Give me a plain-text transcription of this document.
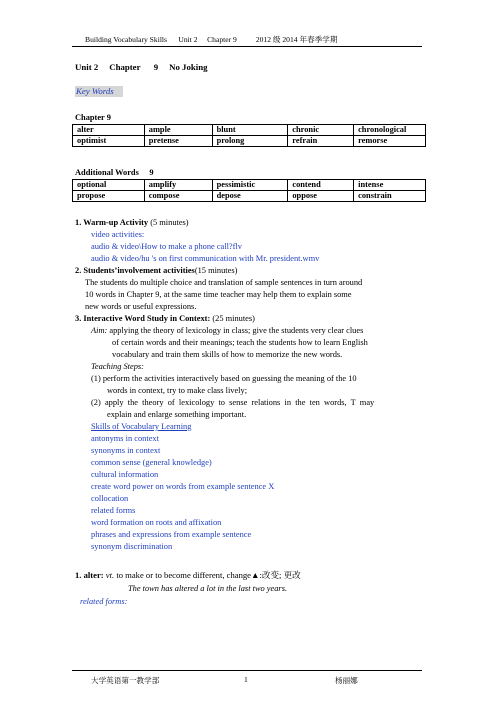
Building Vocabulary Skills Unit 2 Chapter 9 2012 级 2014 年春季学期
Unit 2 Chapter 9 No Joking
Key Words
Chapter 9
alter	ample	blunt	chronic	chronological
optimist	pretense	prolong	refrain	remorse
Additional Words 9
optional	amplify	pessimistic	contend	intense
propose	compose	depose	oppose	constrain
1. Warm-up Activity (5 minutes)
video activities:
audio & video\How to make a phone call?flv
audio & video/hu 's on first communication with Mr. president.wmv
2. Students’involvement activities(15 minutes)
The students do multiple choice and translation of sample sentences in turn around
10 words in Chapter 9, at the same time teacher may help them to explain some
new words or useful expressions.
3. Interactive Word Study in Context: (25 minutes)
Aim: applying the theory of lexicology in class; give the students very clear clues
of certain words and their meanings; teach the students how to learn English
vocabulary and train them skills of how to memorize the new words.
Teaching Steps:
(1) perform the activities interactively based on guessing the meaning of the 10
words in context, try to make class lively;
(2)  apply  the  theory  of  lexicology  to  sense  relations  in  the  ten  words,  T  may
explain and enlarge something important.
Skills of Vocabulary Learning
antonyms in context
synonyms in context
common sense (general knowledge)
cultural information
create word power on words from example sentence X
collocation
related forms
word formation on roots and affixation
phrases and expressions from example sentence
synonym discrimination
1. alter: vt. to make or to become different, change▲:改变; 更改
The town has altered a lot in the last two years.
related forms:
大学英语第一教学部	1	杨丽娜
